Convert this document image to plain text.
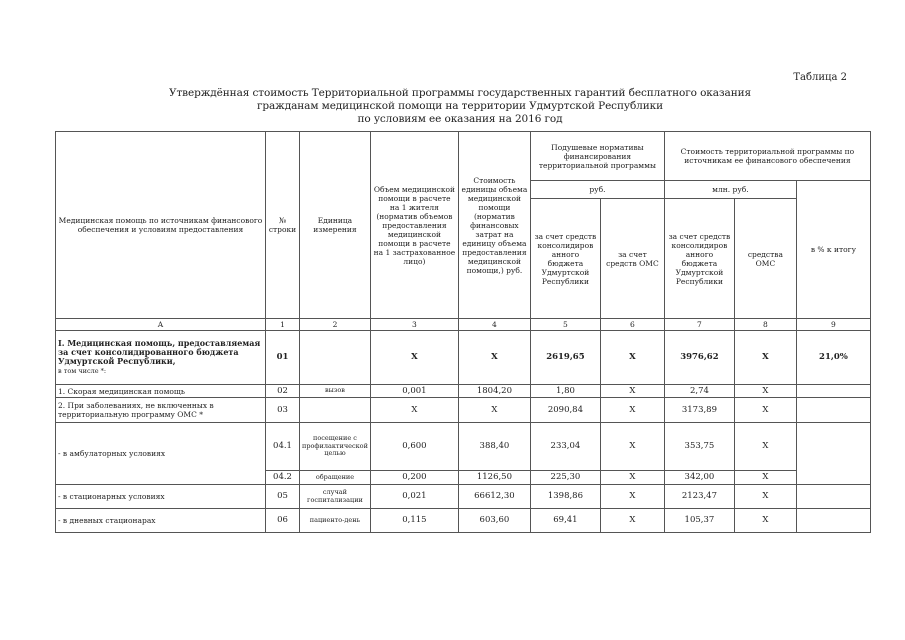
Таблица 2
Утверждённая стоимость Территориальной программы государственных гарантий бесплатного оказания
гражданам медицинской помощи на территории Удмуртской Республики
по условиям ее оказания на 2016 год
Медицинская помощь по источникам финансового обеспечения и условиям предоставления	№ строки	Единица измерения	Объем медицинской помощи в расчете на 1 жителя (норматив объемов предоставления медицинской помощи в расчете на 1 застрахованное лицо)	Стоимость единицы объема медицинской помощи (норматив финансовых затрат на единицу объема предоставления медицинской помощи,) руб.	Подушевые нормативы финансирования территориальной программы		Стоимость территориальной программы по источникам ее финансового обеспечения		
					руб.		млн. руб.		в % к итогу
					за счет средств консолидиров анного бюджета Удмуртской Республики	за счет средств ОМС	за счет средств консолидиров анного бюджета Удмуртской Республики	средства ОМС	
А	1	2	3	4	5	6	7	8	9
I. Медицинская помощь, предоставляемая за счет консолидированного бюджета Удмуртской Республики,
в том числе *:	01		Х	Х	2619,65	Х	3976,62	Х	21,0%
1. Скорая медицинская помощь	02	вызов	0,001	1804,20	1,80	Х	2,74	Х	
2. При заболеваниях, не включенных в территориальную программу ОМС *	03		Х	Х	2090,84	Х	3173,89	Х	
- в амбулаторных условиях	04.1	посещение с профилактической целью	0,600	388,40	233,04	Х	353,75	Х	
	04.2	обращение	0,200	1126,50	225,30	Х	342,00	Х	
- в стационарных условиях	05	случай госпитализации	0,021	66612,30	1398,86	Х	2123,47	Х	
- в дневных стационарах	06	пациенто-день	0,115	603,60	69,41	Х	105,37	Х	
